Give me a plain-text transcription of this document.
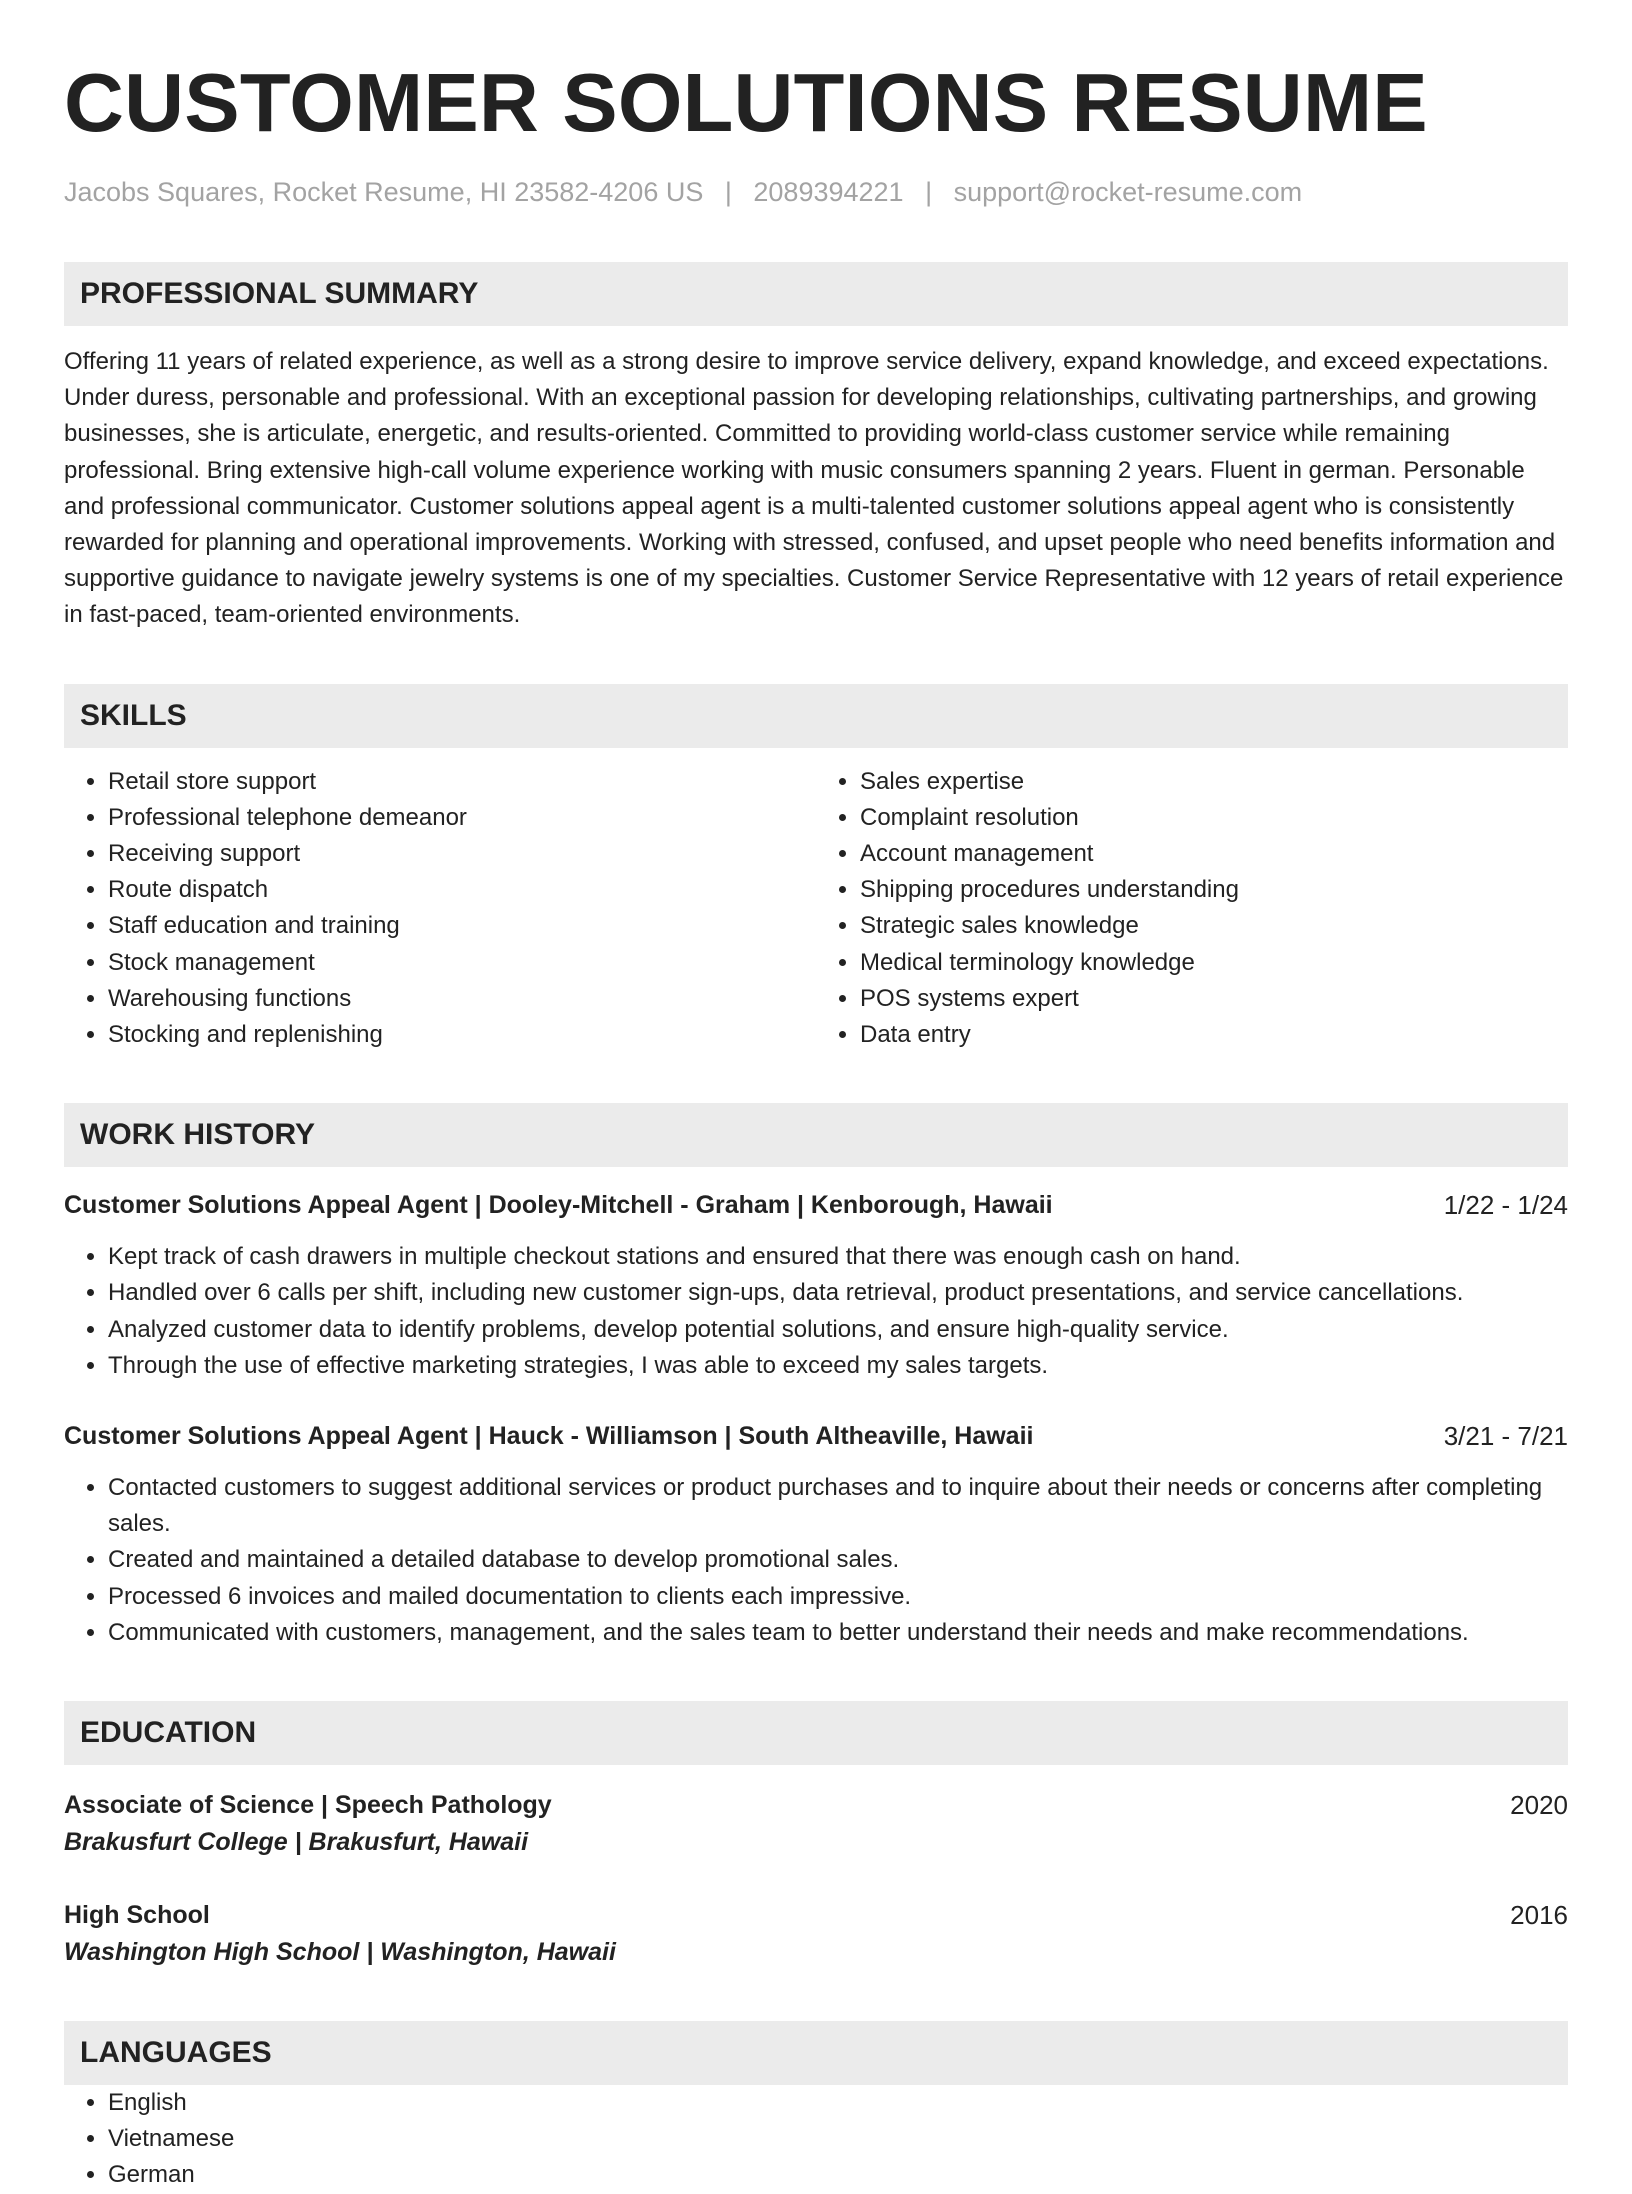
CUSTOMER SOLUTIONS RESUME
Jacobs Squares, Rocket Resume, HI 23582-4206 US | 2089394221 | support@rocket-resume.com
PROFESSIONAL SUMMARY

Offering 11 years of related experience, as well as a strong desire to improve service delivery, expand knowledge, and exceed expectations. Under duress, personable and professional. With an exceptional passion for developing relationships, cultivating partnerships, and growing businesses, she is articulate, energetic, and results-oriented. Committed to providing world-class customer service while remaining professional. Bring extensive high-call volume experience working with music consumers spanning 2 years. Fluent in german. Personable and professional communicator. Customer solutions appeal agent is a multi-talented customer solutions appeal agent who is consistently rewarded for planning and operational improvements. Working with stressed, confused, and upset people who need benefits information and supportive guidance to navigate jewelry systems is one of my specialties. Customer Service Representative with 12 years of retail experience in fast-paced, team-oriented environments.

SKILLS
• Retail store support
• Professional telephone demeanor
• Receiving support
• Route dispatch
• Staff education and training
• Stock management
• Warehousing functions
• Stocking and replenishing
• Sales expertise
• Complaint resolution
• Account management
• Shipping procedures understanding
• Strategic sales knowledge
• Medical terminology knowledge
• POS systems expert
• Data entry
WORK HISTORY
Customer Solutions Appeal Agent | Dooley-Mitchell - Graham | Kenborough, Hawaii	1/22 - 1/24
• Kept track of cash drawers in multiple checkout stations and ensured that there was enough cash on hand.
• Handled over 6 calls per shift, including new customer sign-ups, data retrieval, product presentations, and service cancellations.
• Analyzed customer data to identify problems, develop potential solutions, and ensure high-quality service.
• Through the use of effective marketing strategies, I was able to exceed my sales targets.
Customer Solutions Appeal Agent | Hauck - Williamson | South Altheaville, Hawaii	3/21 - 7/21
• Contacted customers to suggest additional services or product purchases and to inquire about their needs or concerns after completing sales.
• Created and maintained a detailed database to develop promotional sales.
• Processed 6 invoices and mailed documentation to clients each impressive.
• Communicated with customers, management, and the sales team to better understand their needs and make recommendations.
EDUCATION
Associate of Science | Speech Pathology	2020
Brakusfurt College | Brakusfurt, Hawaii
High School	2016
Washington High School | Washington, Hawaii
LANGUAGES
• English
• Vietnamese
• German
